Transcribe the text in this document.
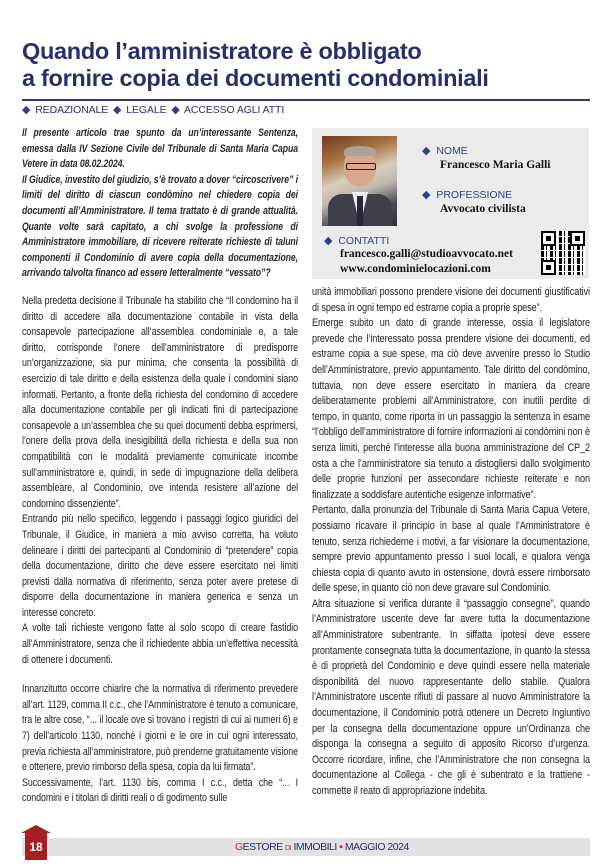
Quando l’amministratore è obbligato
a fornire copia dei documenti condominiali
◆ REDAZIONALE ◆ LEGALE ◆ ACCESSO AGLI ATTI

Il presente articolo trae spunto da un’interessante Sentenza, emessa dalla IV Sezione Civile del Tribunale di Santa Maria Capua Vetere in data 08.02.2024.

Il Giudice, investito del giudizio, s’è trovato a dover “circoscrivere” i limiti del diritto di ciascun condòmino nel chiedere copia dei documenti all’Amministratore. Il tema trattato è di grande attualità. Quante volte sarà capitato, a chi svolge la professione di Amministratore immobiliare, di ricevere reiterate richieste di taluni componenti il Condominio di avere copia della documentazione, arrivando talvolta financo ad essere letteralmente “vessato”?

◆ NOME
Francesco Maria Galli
◆ PROFESSIONE
Avvocato civilista
◆ CONTATTI
francesco.galli@studioavvocato.net
www.condominielocazioni.com

Nella predetta decisione il Tribunale ha stabilito che “Il condomino ha il diritto di accedere alla documentazione contabile in vista della consapevole partecipazione all’assemblea condominiale e, a tale diritto, corrisponde l’onere dell’amministratore di predisporre un’organizzazione, sia pur minima, che consenta la possibilità di esercizio di tale diritto e della esistenza della quale i condomini siano informati. Pertanto, a fronte della richiesta del condomino di accedere alla documentazione contabile per gli indicati fini di partecipazione consapevole a un’assemblea che su quei documenti debba esprimersi, l’onere della prova della inesigibilità della richiesta e della sua non compatibilità con le modalità previamente comunicate incombe sull’amministratore e, quindi, in sede di impugnazione della delibera assembleare, al Condominio, ove intenda resistere all’azione del condomino dissenziente”.

Entrando più nello specifico, leggendo i passaggi logico giuridici del Tribunale, il Giudice, in maniera a mio avviso corretta, ha voluto delineare i diritti dei partecipanti al Condominio di “pretendere” copia della documentazione, diritto che deve essere esercitato nei limiti previsti dalla normativa di riferimento, senza poter avere pretese di disporre della documentazione in maniera generica e senza un interesse concreto.

A volte tali richieste vengono fatte al solo scopo di creare fastidio all’Amministratore, senza che il richiedente abbia un’effettiva necessità di ottenere i documenti.

Innanzitutto occorre chiarire che la normativa di riferimento prevedere all’art. 1129, comma II c.c., che l’Amministratore è tenuto a comunicare, tra le altre cose, “... il locale ove si trovano i registri di cui ai numeri 6) e 7) dell’articolo 1130, nonché i giorni e le ore in cui ogni interessato, previa richiesta all’amministratore, può prenderne gratuitamente visione e ottenere, previo rimborso della spesa, copia da lui firmata”.

Successivamente, l’art. 1130 bis, comma I c.c., detta che “... I condomini e i titolari di diritti reali o di godimento sulle

unità immobiliari possono prendere visione dei documenti giustificativi di spesa in ogni tempo ed estrarne copia a proprie spese”.

Emerge subito un dato di grande interesse, ossia il legislatore prevede che l’interessato possa prendere visione dei documenti, ed estrarne copia a sue spese, ma ciò deve avvenire presso lo Studio dell’Amministratore, previo appuntamento. Tale diritto del condòmino, tuttavia, non deve essere esercitato in maniera da creare deliberatamente problemi all’Amministratore, con inutili perdite di tempo, in quanto, come riporta in un passaggio la sentenza in esame “l’obbligo dell’amministratore di fornire informazioni ai condòmini non è senza limiti, perché l’interesse alla buona amministrazione del CP_2 osta a che l’amministratore sia tenuto a distogliersi dallo svolgimento delle proprie funzioni per assecondare richieste reiterate e non finalizzate a soddisfare autentiche esigenze informative”.

Pertanto, dalla pronunzia del Tribunale di Santa Maria Capua Vetere, possiamo ricavare il principio in base al quale l’Amministratore è tenuto, senza richiederne i motivi, a far visionare la documentazione, sempre previo appuntamento presso i suoi locali, e qualora venga chiesta copia di quanto avuto in ostensione, dovrà essere rimborsato delle spese, in quanto ciò non deve gravare sul Condominio.

Altra situazione si verifica durante il “passaggio consegne”, quando l’Amministratore uscente deve far avere tutta la documentazione all’Amministratore subentrante. In siffatta ipotesi deve essere prontamente consegnata tutta la documentazione, in quanto la stessa è di proprietà del Condominio e deve quindi essere nella materiale disponibilità del nuovo rappresentante dello stabile. Qualora l’Amministratore uscente rifiuti di passare al nuovo Amministratore la documentazione, il Condominio potrà ottenere un Decreto Ingiuntivo per la consegna della documentazione oppure un’Ordinanza che disponga la consegna a seguito di apposito Ricorso d’urgenza. Occorre ricordare, infine, che l’Amministratore che non consegna la documentazione al Collega - che gli è subentrato e la trattiene - commette il reato di appropriazione indebita.

18	GESTORE DI IMMOBILI ▪ MAGGIO 2024
